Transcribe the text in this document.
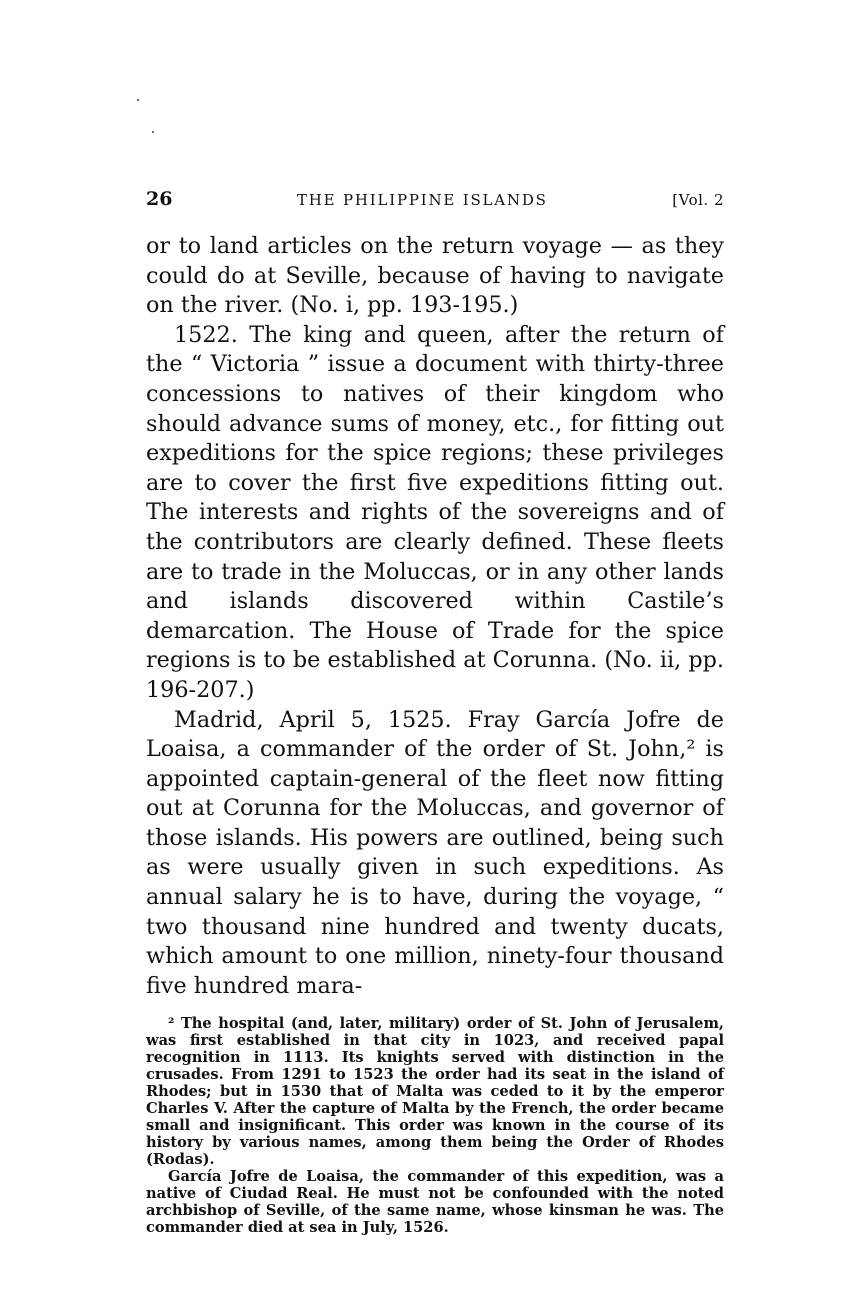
26	THE PHILIPPINE ISLANDS	[Vol. 2

or to land articles on the return voyage — as they could do at Seville, because of having to navigate on the river. (No. i, pp. 193-195.)

1522. The king and queen, after the return of the “ Victoria ” issue a document with thirty-three concessions to natives of their kingdom who should advance sums of money, etc., for fitting out expeditions for the spice regions; these privileges are to cover the first five expeditions fitting out. The interests and rights of the sovereigns and of the contributors are clearly defined. These fleets are to trade in the Moluccas, or in any other lands and islands discovered within Castile’s demarcation. The House of Trade for the spice regions is to be established at Corunna. (No. ii, pp. 196-207.)

Madrid, April 5, 1525. Fray García Jofre de Loaisa, a commander of the order of St. John,² is appointed captain-general of the fleet now fitting out at Corunna for the Moluccas, and governor of those islands. His powers are outlined, being such as were usually given in such expeditions. As annual salary he is to have, during the voyage, “ two thousand nine hundred and twenty ducats, which amount to one million, ninety-four thousand five hundred mara-

² The hospital (and, later, military) order of St. John of Jerusalem, was first established in that city in 1023, and received papal recognition in 1113. Its knights served with distinction in the crusades. From 1291 to 1523 the order had its seat in the island of Rhodes; but in 1530 that of Malta was ceded to it by the emperor Charles V. After the capture of Malta by the French, the order became small and insignificant. This order was known in the course of its history by various names, among them being the Order of Rhodes (Rodas).

García Jofre de Loaisa, the commander of this expedition, was a native of Ciudad Real. He must not be confounded with the noted archbishop of Seville, of the same name, whose kinsman he was. The commander died at sea in July, 1526.
